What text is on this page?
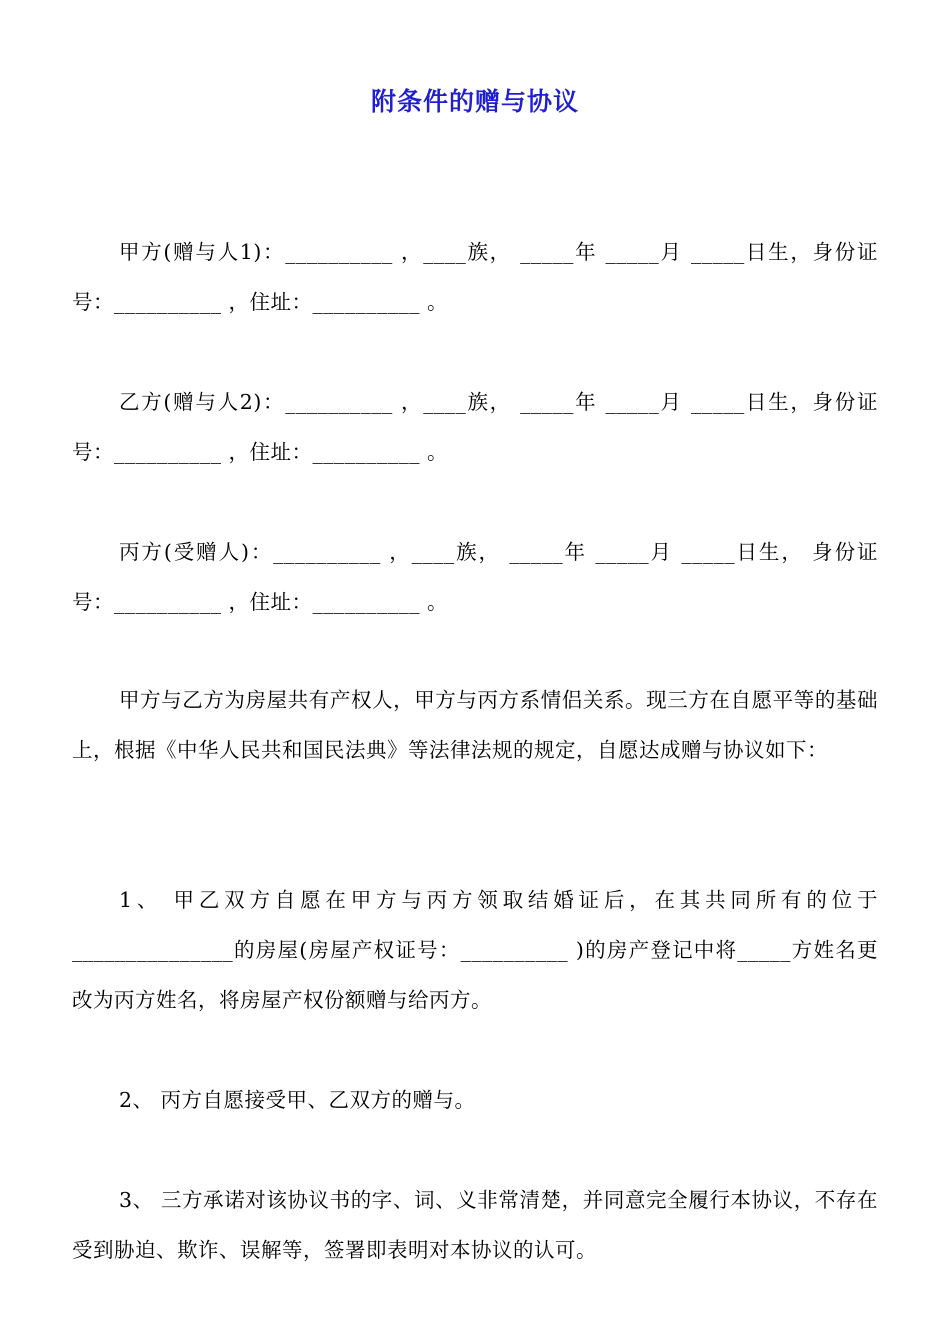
附条件的赠与协议
甲方(赠与人1)：__________ ，____族， _____年 _____月 _____日生，身份证号：__________ ，住址：__________ 。
乙方(赠与人2)：__________ ，____族， _____年 _____月 _____日生，身份证号：__________ ，住址：__________ 。
丙方(受赠人)：__________ ，____族， _____年 _____月 _____日生， 身份证号：__________ ，住址：__________ 。
甲方与乙方为房屋共有产权人，甲方与丙方系情侣关系。现三方在自愿平等的基础上，根据《中华人民共和国民法典》等法律法规的规定，自愿达成赠与协议如下：
1、 甲乙双方自愿在甲方与丙方领取结婚证后，在其共同所有的位于_______________的房屋(房屋产权证号：__________ )的房产登记中将_____方姓名更改为丙方姓名，将房屋产权份额赠与给丙方。
2、 丙方自愿接受甲、乙双方的赠与。
3、 三方承诺对该协议书的字、词、义非常清楚，并同意完全履行本协议，不存在受到胁迫、欺诈、误解等，签署即表明对本协议的认可。
